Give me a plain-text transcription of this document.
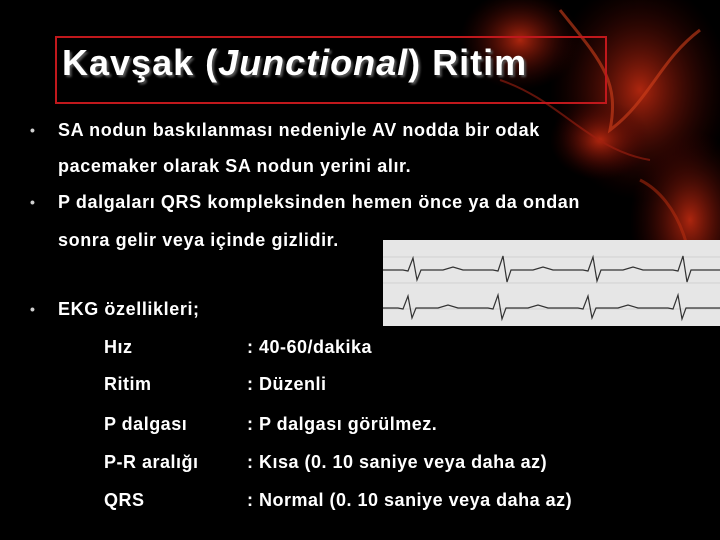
Kavşak (Junctional) Ritim
• SA nodun baskılanması nedeniyle AV nodda bir odak
pacemaker olarak SA nodun yerini alır.
• P dalgaları QRS kompleksinden hemen önce ya da ondan
sonra gelir veya içinde gizlidir.
• EKG özellikleri;
Hız	: 40-60/dakika
Ritim	: Düzenli
P dalgası	: P dalgası görülmez.
P-R aralığı	: Kısa (0. 10 saniye veya daha az)
QRS	: Normal (0. 10 saniye veya daha az)
